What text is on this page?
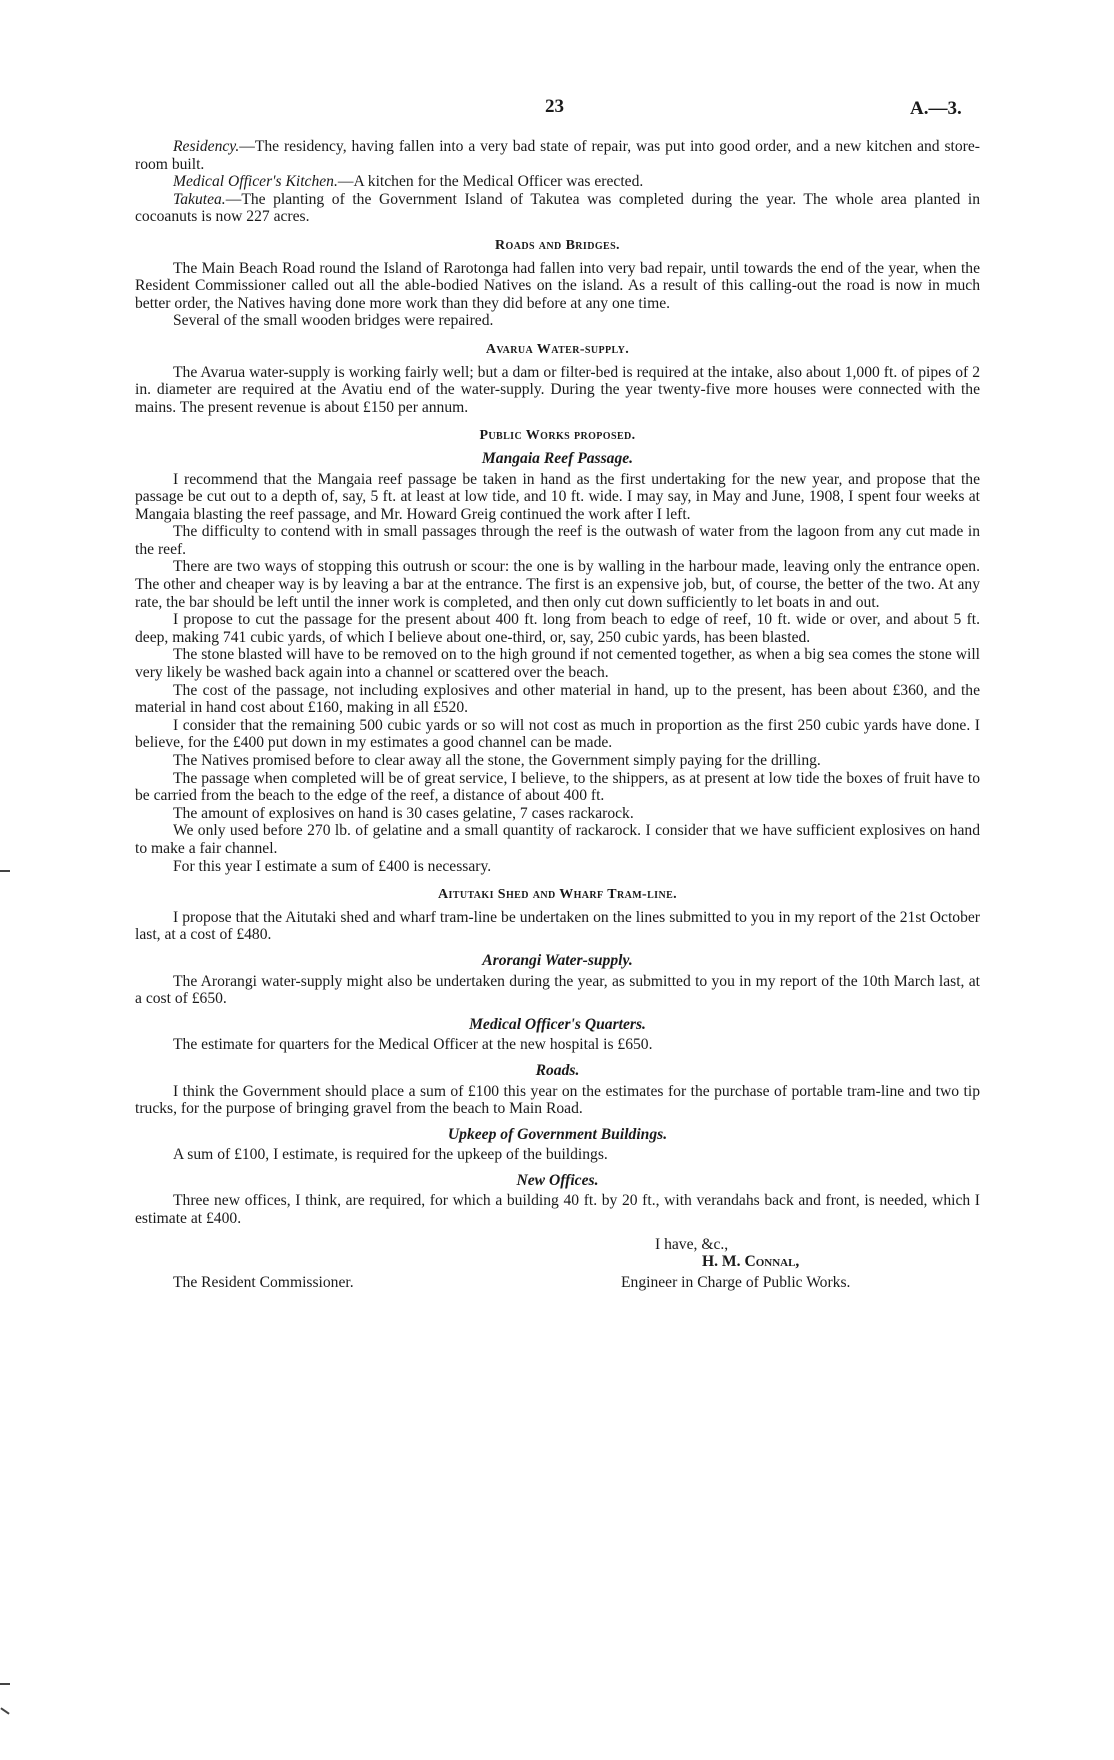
23	A.—3.

Residency.—The residency, having fallen into a very bad state of repair, was put into good order, and a new kitchen and store-room built.

Medical Officer's Kitchen.—A kitchen for the Medical Officer was erected.

Takutea.—The planting of the Government Island of Takutea was completed during the year. The whole area planted in cocoanuts is now 227 acres.

Roads and Bridges.

The Main Beach Road round the Island of Rarotonga had fallen into very bad repair, until towards the end of the year, when the Resident Commissioner called out all the able-bodied Natives on the island. As a result of this calling-out the road is now in much better order, the Natives having done more work than they did before at any one time.

Several of the small wooden bridges were repaired.

Avarua Water-supply.

The Avarua water-supply is working fairly well; but a dam or filter-bed is required at the intake, also about 1,000 ft. of pipes of 2 in. diameter are required at the Avatiu end of the water-supply. During the year twenty-five more houses were connected with the mains. The present revenue is about £150 per annum.

Public Works proposed.
Mangaia Reef Passage.

I recommend that the Mangaia reef passage be taken in hand as the first undertaking for the new year, and propose that the passage be cut out to a depth of, say, 5 ft. at least at low tide, and 10 ft. wide. I may say, in May and June, 1908, I spent four weeks at Mangaia blasting the reef passage, and Mr. Howard Greig continued the work after I left.

The difficulty to contend with in small passages through the reef is the outwash of water from the lagoon from any cut made in the reef.

There are two ways of stopping this outrush or scour: the one is by walling in the harbour made, leaving only the entrance open. The other and cheaper way is by leaving a bar at the entrance. The first is an expensive job, but, of course, the better of the two. At any rate, the bar should be left until the inner work is completed, and then only cut down sufficiently to let boats in and out.

I propose to cut the passage for the present about 400 ft. long from beach to edge of reef, 10 ft. wide or over, and about 5 ft. deep, making 741 cubic yards, of which I believe about one-third, or, say, 250 cubic yards, has been blasted.

The stone blasted will have to be removed on to the high ground if not cemented together, as when a big sea comes the stone will very likely be washed back again into a channel or scattered over the beach.

The cost of the passage, not including explosives and other material in hand, up to the present, has been about £360, and the material in hand cost about £160, making in all £520.

I consider that the remaining 500 cubic yards or so will not cost as much in proportion as the first 250 cubic yards have done. I believe, for the £400 put down in my estimates a good channel can be made.

The Natives promised before to clear away all the stone, the Government simply paying for the drilling.

The passage when completed will be of great service, I believe, to the shippers, as at present at low tide the boxes of fruit have to be carried from the beach to the edge of the reef, a distance of about 400 ft.

The amount of explosives on hand is 30 cases gelatine, 7 cases rackarock.

We only used before 270 lb. of gelatine and a small quantity of rackarock. I consider that we have sufficient explosives on hand to make a fair channel.

For this year I estimate a sum of £400 is necessary.

Aitutaki Shed and Wharf Tram-line.

I propose that the Aitutaki shed and wharf tram-line be undertaken on the lines submitted to you in my report of the 21st October last, at a cost of £480.

Arorangi Water-supply.

The Arorangi water-supply might also be undertaken during the year, as submitted to you in my report of the 10th March last, at a cost of £650.

Medical Officer's Quarters.

The estimate for quarters for the Medical Officer at the new hospital is £650.

Roads.

I think the Government should place a sum of £100 this year on the estimates for the purchase of portable tram-line and two tip trucks, for the purpose of bringing gravel from the beach to Main Road.

Upkeep of Government Buildings.

A sum of £100, I estimate, is required for the upkeep of the buildings.

New Offices.

Three new offices, I think, are required, for which a building 40 ft. by 20 ft., with verandahs back and front, is needed, which I estimate at £400.

I have, &c.,
H. M. Connal,
The Resident Commissioner.	Engineer in Charge of Public Works.
